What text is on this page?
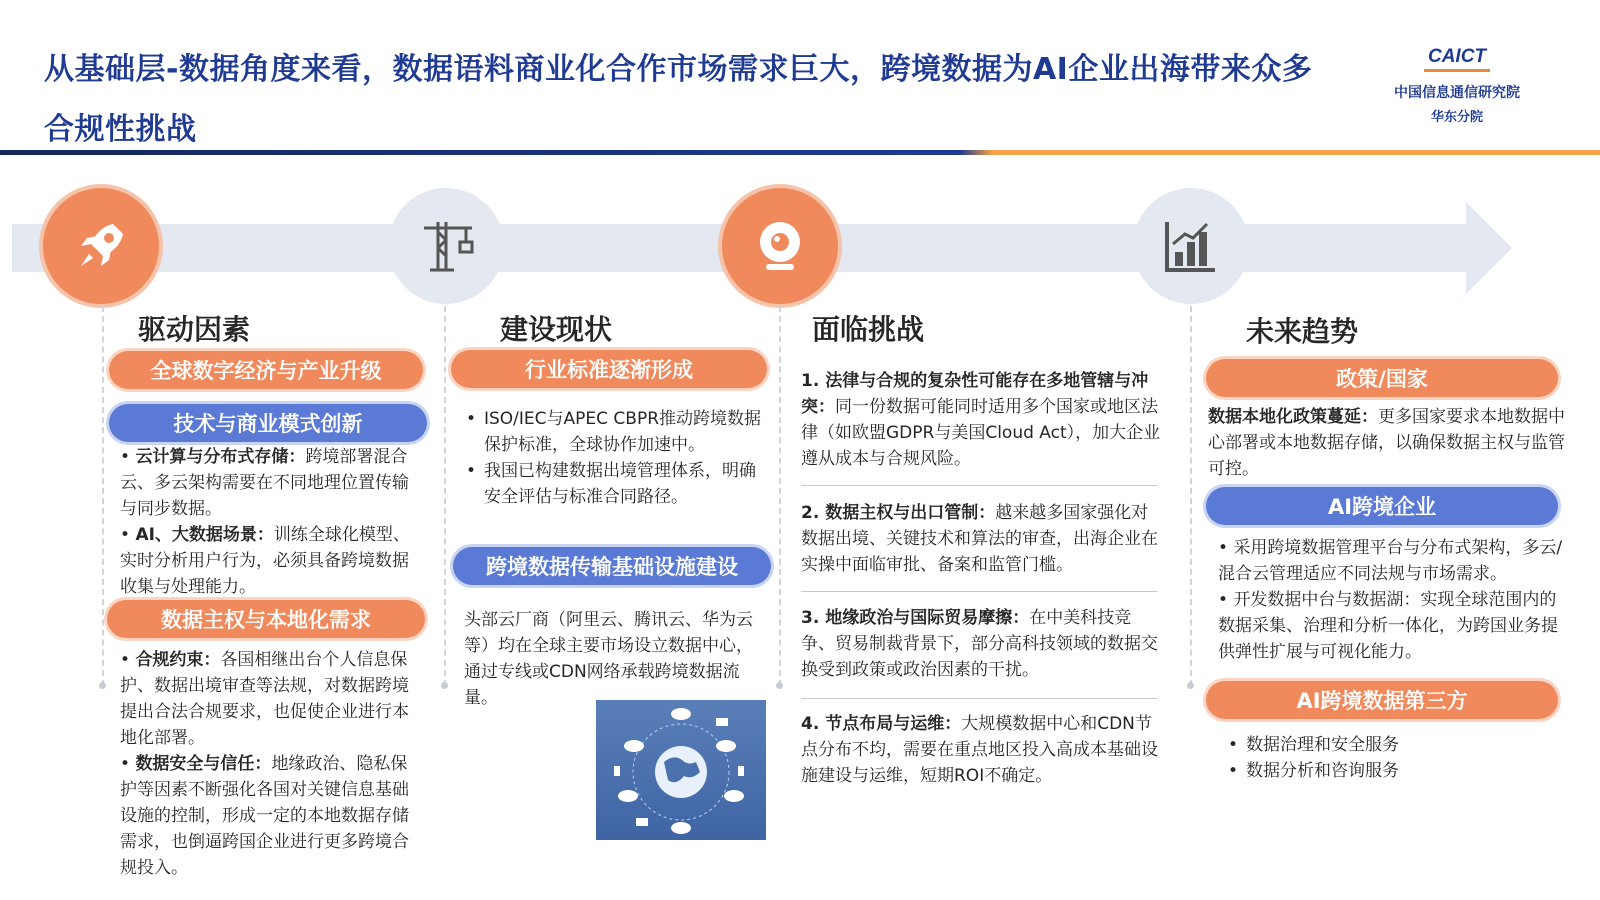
从基础层-数据角度来看，数据语料商业化合作市场需求巨大，跨境数据为AI企业出海带来众多合规性挑战
CAICT
中国信息通信研究院
华东分院
驱动因素
全球数字经济与产业升级
技术与商业模式创新
• 云计算与分布式存储：跨境部署混合云、多云架构需要在不同地理位置传输与同步数据。
• AI、大数据场景：训练全球化模型、实时分析用户行为，必须具备跨境数据收集与处理能力。
数据主权与本地化需求
• 合规约束：各国相继出台个人信息保护、数据出境审查等法规，对数据跨境提出合法合规要求，也促使企业进行本地化部署。
• 数据安全与信任：地缘政治、隐私保护等因素不断强化各国对关键信息基础设施的控制，形成一定的本地数据存储需求，也倒逼跨国企业进行更多跨境合规投入。
建设现状
行业标准逐渐形成
• ISO/IEC与APEC CBPR推动跨境数据保护标准，全球协作加速中。
• 我国已构建数据出境管理体系，明确安全评估与标准合同路径。
跨境数据传输基础设施建设
头部云厂商（阿里云、腾讯云、华为云等）均在全球主要市场设立数据中心，通过专线或CDN网络承载跨境数据流量。
面临挑战
1. 法律与合规的复杂性可能存在多地管辖与冲突：同一份数据可能同时适用多个国家或地区法律（如欧盟GDPR与美国Cloud Act），加大企业遵从成本与合规风险。
2. 数据主权与出口管制：越来越多国家强化对数据出境、关键技术和算法的审查，出海企业在实操中面临审批、备案和监管门槛。
3. 地缘政治与国际贸易摩擦：在中美科技竞争、贸易制裁背景下，部分高科技领域的数据交换受到政策或政治因素的干扰。
4. 节点布局与运维：大规模数据中心和CDN节点分布不均，需要在重点地区投入高成本基础设施建设与运维，短期ROI不确定。
未来趋势
政策/国家
数据本地化政策蔓延：更多国家要求本地数据中心部署或本地数据存储，以确保数据主权与监管可控。
AI跨境企业
• 采用跨境数据管理平台与分布式架构，多云/混合云管理适应不同法规与市场需求。
• 开发数据中台与数据湖：实现全球范围内的数据采集、治理和分析一体化，为跨国业务提供弹性扩展与可视化能力。
AI跨境数据第三方
• 数据治理和安全服务
• 数据分析和咨询服务
